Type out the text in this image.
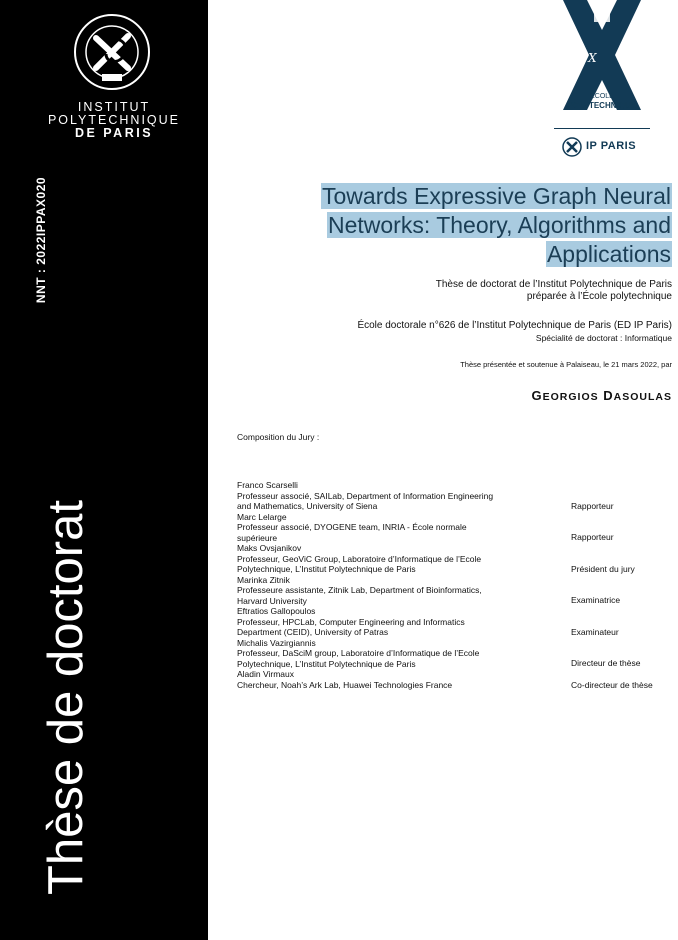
INSTITUT
POLYTECHNIQUE
DE PARIS
NNT : 2022IPPAX020
Thèse de doctorat
l'X
ÉCOLE
POLYTECHNIQUE
IP PARIS
Towards Expressive Graph Neural
Networks: Theory, Algorithms and
Applications
Thèse de doctorat de l’Institut Polytechnique de Paris
préparée à l’École polytechnique
École doctorale n°626 de l’Institut Polytechnique de Paris (ED IP Paris)
Spécialité de doctorat : Informatique
Thèse présentée et soutenue à Palaiseau, le 21 mars 2022, par
GEORGIOS DASOULAS
Composition du Jury :
Franco Scarselli
Professeur associé, SAILab, Department of Information Engineering
and Mathematics, University of Siena	Rapporteur
Marc Lelarge
Professeur associé, DYOGENE team, INRIA - École normale
supérieure	Rapporteur
Maks Ovsjanikov
Professeur, GeoViC Group, Laboratoire d’Informatique de l’Ecole
Polytechnique, L’Institut Polytechnique de Paris	Président du jury
Marinka Zitnik
Professeure assistante, Zitnik Lab, Department of Bioinformatics,
Harvard University	Examinatrice
Eftratios Gallopoulos
Professeur, HPCLab, Computer Engineering and Informatics
Department (CEID), University of Patras	Examinateur
Michalis Vazirgiannis
Professeur, DaSciM group, Laboratoire d’Informatique de l’Ecole
Polytechnique, L’Institut Polytechnique de Paris	Directeur de thèse
Aladin Virmaux
Chercheur, Noah’s Ark Lab, Huawei Technologies France	Co-directeur de thèse
